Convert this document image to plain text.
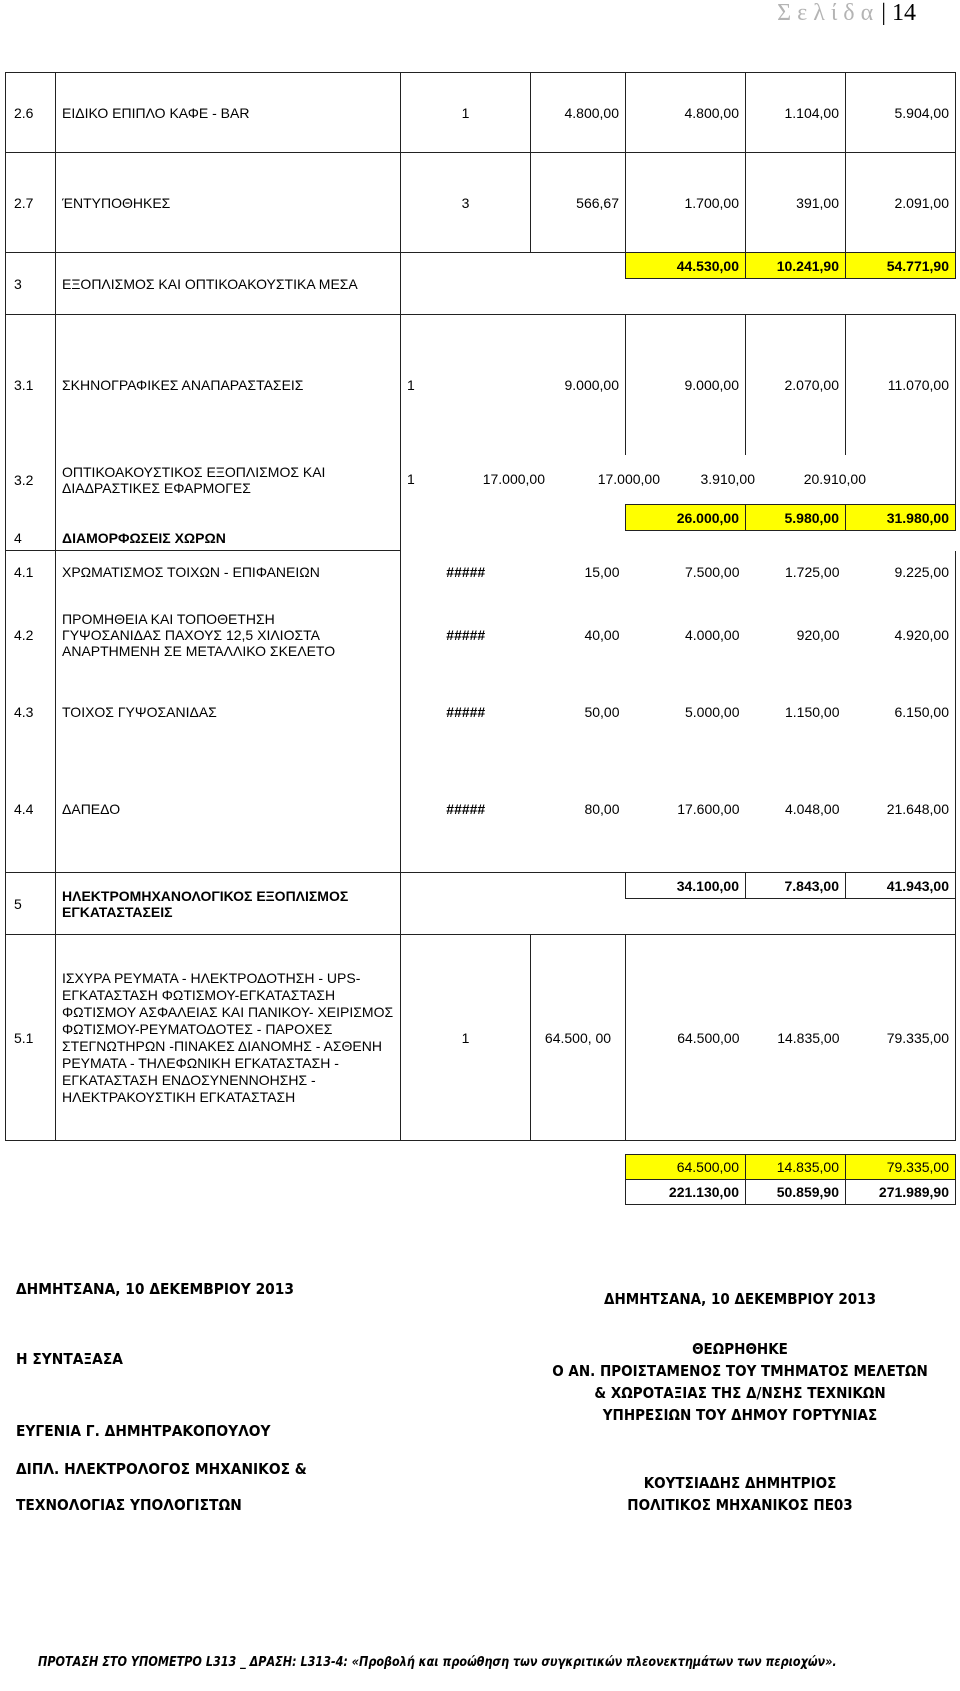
Σελίδα| 14
2.6	ΕΙΔΙΚΟ ΕΠΙΠΛΟ ΚΑΦΕ - BAR	1	4.800,00	4.800,00	1.104,00	5.904,00
2.7	ΈΝΤΥΠΟΘΗΚΕΣ	3	566,67	1.700,00	391,00	2.091,00
3	ΕΞΟΠΛΙΣΜΟΣ ΚΑΙ ΟΠΤΙΚΟΑΚΟΥΣΤΙΚΑ ΜΕΣΑ			44.530,00	10.241,90	54.771,90

3.1	ΣΚΗΝΟΓΡΑΦΙΚΕΣ ΑΝΑΠΑΡΑΣΤΑΣΕΙΣ	1	9.000,00	9.000,00	2.070,00	11.070,00
3.2	ΟΠΤΙΚΟΑΚΟΥΣΤΙΚΟΣ ΕΞΟΠΛΙΣΜΟΣ ΚΑΙ ΔΙΑΔΡΑΣΤΙΚΕΣ ΕΦΑΡΜΟΓΕΣ	1 17.000,00 17.000,00 3.910,00 20.910,00				

4	ΔΙΑΜΟΡΦΩΣΕΙΣ ΧΩΡΩΝ			26.000,00	5.980,00	31.980,00

4.1	ΧΡΩΜΑΤΙΣΜΟΣ ΤΟΙΧΩΝ - ΕΠΙΦΑΝΕΙΩΝ	#####	15,00	7.500,00	1.725,00	9.225,00
4.2	ΠΡΟΜΗΘΕΙΑ ΚΑΙ ΤΟΠΟΘΕΤΗΣΗ ΓΥΨΟΣΑΝΙΔΑΣ ΠΑΧΟΥΣ 12,5 ΧΙΛΙΟΣΤΑ ΑΝΑΡΤΗΜΕΝΗ ΣΕ ΜΕΤΑΛΛΙΚΟ ΣΚΕΛΕΤΟ	#####	40,00	4.000,00	920,00	4.920,00
4.3	ΤΟΙΧΟΣ ΓΥΨΟΣΑΝΙΔΑΣ	#####	50,00	5.000,00	1.150,00	6.150,00
4.4	ΔΑΠΕΔΟ	#####	80,00	17.600,00	4.048,00	21.648,00
5	ΗΛΕΚΤΡΟΜΗΧΑΝΟΛΟΓΙΚΟΣ ΕΞΟΠΛΙΣΜΟΣ ΕΓΚΑΤΑΣΤΑΣΕΙΣ			34.100,00	7.843,00	41.943,00

5.1	ΙΣΧΥΡΑ ΡΕΥΜΑΤΑ - ΗΛΕΚΤΡΟΔΟΤΗΣΗ - UPS-ΕΓΚΑΤΑΣΤΑΣΗ ΦΩΤΙΣΜΟΥ-ΕΓΚΑΤΑΣΤΑΣΗ ΦΩΤΙΣΜΟΥ ΑΣΦΑΛΕΙΑΣ ΚΑΙ ΠΑΝΙΚΟΥ- ΧΕΙΡΙΣΜΟΣ ΦΩΤΙΣΜΟΥ-ΡΕΥΜΑΤΟΔΟΤΕΣ - ΠΑΡΟΧΕΣ ΣΤΕΓΝΩΤΗΡΩΝ -ΠΙΝΑΚΕΣ ΔΙΑΝΟΜΗΣ - ΑΣΘΕΝΗ ΡΕΥΜΑΤΑ - ΤΗΛΕΦΩΝΙΚΗ ΕΓΚΑΤΑΣΤΑΣΗ - ΕΓΚΑΤΑΣΤΑΣΗ ΕΝΔΟΣΥΝΕΝΝΟΗΣΗΣ - ΗΛΕΚΤΡΑΚΟΥΣΤΙΚΗ ΕΓΚΑΤΑΣΤΑΣΗ	1	64.500, 00	64.500,00	14.835,00	79.335,00

				64.500,00	14.835,00	79.335,00
				221.130,00	50.859,90	271.989,90
ΔΗΜΗΤΣΑΝΑ, 10 ΔΕΚΕΜΒΡΙΟΥ 2013
Η ΣΥΝΤΑΞΑΣΑ
ΕΥΓΕΝΙΑ Γ. ΔΗΜΗΤΡΑΚΟΠΟΥΛΟΥ
ΔΙΠΛ. ΗΛΕΚΤΡΟΛΟΓΟΣ ΜΗΧΑΝΙΚΟΣ &
ΤΕΧΝΟΛΟΓΙΑΣ ΥΠΟΛΟΓΙΣΤΩΝ
ΔΗΜΗΤΣΑΝΑ, 10 ΔΕΚΕΜΒΡΙΟΥ 2013
ΘΕΩΡΗΘΗΚΕ
Ο ΑΝ. ΠΡΟΙΣΤΑΜΕΝΟΣ ΤΟΥ ΤΜΗΜΑΤΟΣ ΜΕΛΕΤΩΝ
& ΧΩΡΟΤΑΞΙΑΣ ΤΗΣ Δ/ΝΣΗΣ ΤΕΧΝΙΚΩΝ
ΥΠΗΡΕΣΙΩΝ ΤΟΥ ΔΗΜΟΥ ΓΟΡΤΥΝΙΑΣ
ΚΟΥΤΣΙΑΔΗΣ ΔΗΜΗΤΡΙΟΣ
ΠΟΛΙΤΙΚΟΣ ΜΗΧΑΝΙΚΟΣ ΠΕ03
ΠΡΟΤΑΣΗ ΣΤΟ ΥΠΟΜΕΤΡΟ L313 _ ΔΡΑΣΗ: L313-4: «Προβολή και προώθηση των συγκριτικών πλεονεκτημάτων των περιοχών».
